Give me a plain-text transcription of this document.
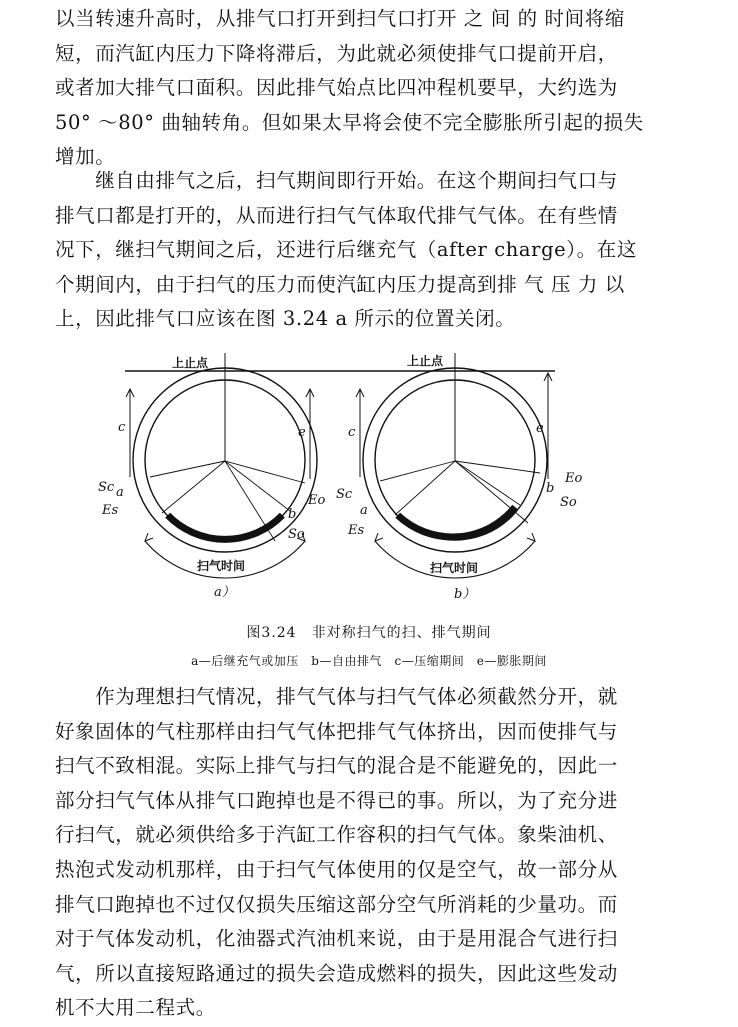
以当转速升高时，从排气口打开到扫气口打开 之 间 的 时间将缩
短，而汽缸内压力下降将滞后，为此就必须使排气口提前开启，
或者加大排气口面积。因此排气始点比四冲程机要早，大约选为
50° ～80° 曲轴转角。但如果太早将会使不完全膨胀所引起的损失
增加。

　　继自由排气之后，扫气期间即行开始。在这个期间扫气口与
排气口都是打开的，从而进行扫气气体取代排气气体。在有些情
况下，继扫气期间之后，还进行后继充气（after charge）。在这
个期间内，由于扫气的压力而使汽缸内压力提高到排 气 压 力 以
上，因此排气口应该在图 3.24 a 所示的位置关闭。

上止点
c	e
a
Sc
Es	b
Eo
So
扫气时间
a）
上止点
c	e
a
Sc
Es
b
Eo
So
扫气时间
b）
图3.24　非对称扫气的扫、排气期间
a—后继充气或加压　b—自由排气　c—压缩期间　e—膨胀期间

　　作为理想扫气情况，排气气体与扫气气体必须截然分开，就
好象固体的气柱那样由扫气气体把排气气体挤出，因而使排气与
扫气不致相混。实际上排气与扫气的混合是不能避免的，因此一
部分扫气气体从排气口跑掉也是不得已的事。所以，为了充分进
行扫气，就必须供给多于汽缸工作容积的扫气气体。象柴油机、
热泡式发动机那样，由于扫气气体使用的仅是空气，故一部分从
排气口跑掉也不过仅仅损失压缩这部分空气所消耗的少量功。而
对于气体发动机，化油器式汽油机来说，由于是用混合气进行扫
气，所以直接短路通过的损失会造成燃料的损失，因此这些发动
机不大用二程式。
